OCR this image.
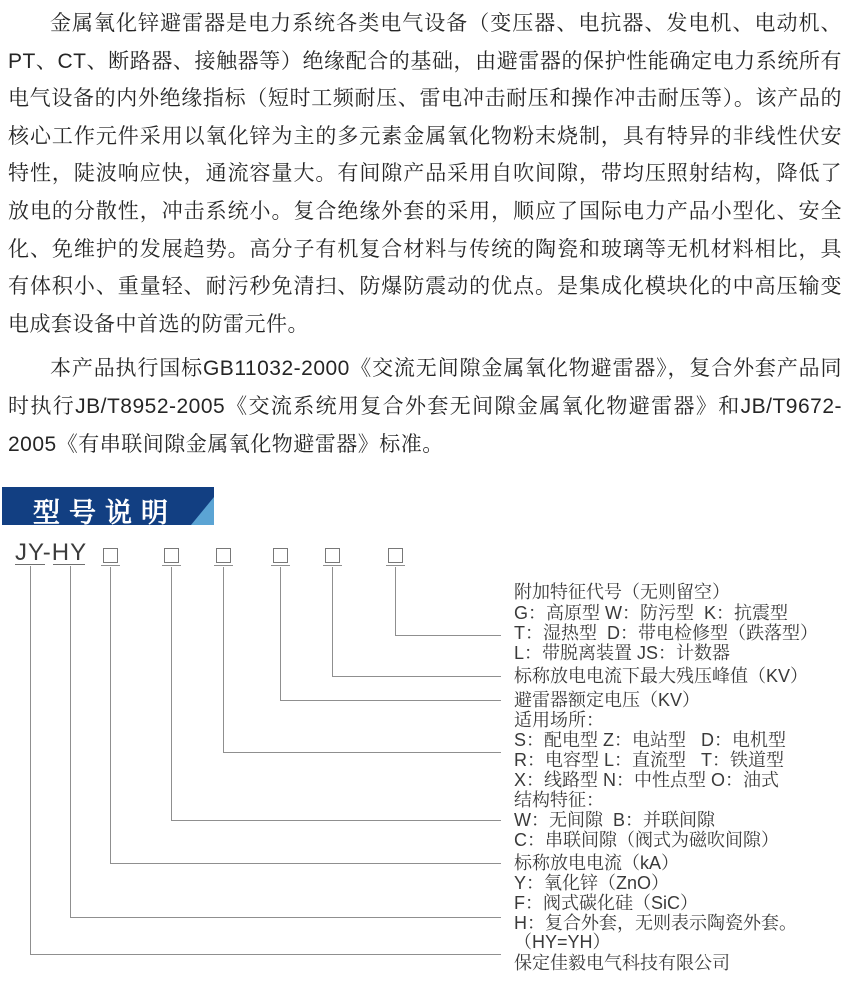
金属氧化锌避雷器是电力系统各类电气设备（变压器、电抗器、发电机、电动机、PT、CT、断路器、接触器等）绝缘配合的基础，由避雷器的保护性能确定电力系统所有电气设备的内外绝缘指标（短时工频耐压、雷电冲击耐压和操作冲击耐压等）。该产品的核心工作元件采用以氧化锌为主的多元素金属氧化物粉末烧制，具有特异的非线性伏安特性，陡波响应快，通流容量大。有间隙产品采用自吹间隙，带均压照射结构，降低了放电的分散性，冲击系统小。复合绝缘外套的采用，顺应了国际电力产品小型化、安全化、免维护的发展趋势。高分子有机复合材料与传统的陶瓷和玻璃等无机材料相比，具有体积小、重量轻、耐污秒免清扫、防爆防震动的优点。是集成化模块化的中高压输变电成套设备中首选的防雷元件。

本产品执行国标GB11032-2000《交流无间隙金属氧化物避雷器》，复合外套产品同时执行JB/T8952-2005《交流系统用复合外套无间隙金属氧化物避雷器》和JB/T9672-2005《有串联间隙金属氧化物避雷器》标准。

型号说明
JY-HY
附加特征代号（无则留空）
G：高原型 W：防污型  K：抗震型
T：湿热型  D：带电检修型（跌落型）
L：带脱离装置 JS：计数器
标称放电电流下最大残压峰值（KV）
避雷器额定电压（KV）
适用场所：
S：配电型 Z：电站型   D：电机型
R：电容型 L：直流型   T：铁道型
X：线路型 N：中性点型 O：油式
结构特征：
W：无间隙  B：并联间隙
C：串联间隙（阀式为磁吹间隙）
标称放电电流（kA）
Y：氧化锌（ZnO）
F：阀式碳化硅（SiC）
H：复合外套，无则表示陶瓷外套。
（HY=YH）
保定佳毅电气科技有限公司
